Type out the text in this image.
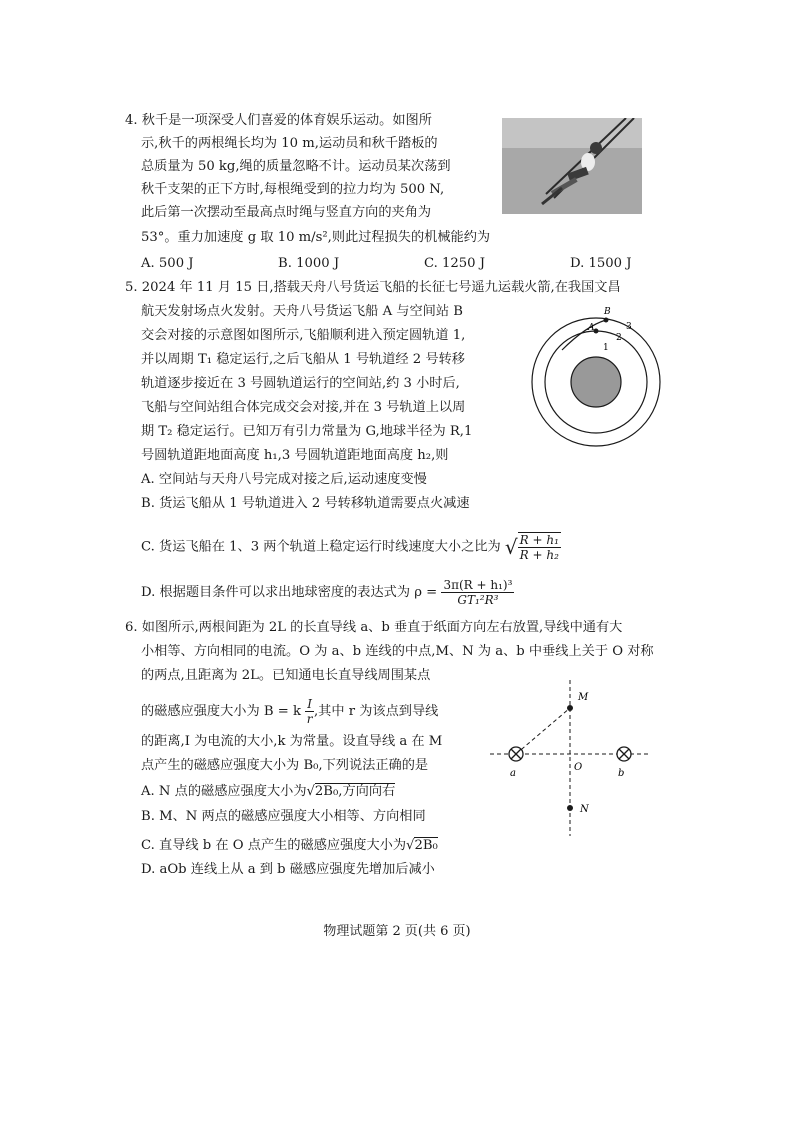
4. 秋千是一项深受人们喜爱的体育娱乐运动。如图所
示,秋千的两根绳长均为 10 m,运动员和秋千踏板的
总质量为 50 kg,绳的质量忽略不计。运动员某次荡到
秋千支架的正下方时,每根绳受到的拉力均为 500 N,
此后第一次摆动至最高点时绳与竖直方向的夹角为
53°。重力加速度 g 取 10 m/s²,则此过程损失的机械能约为
A. 500 J	B. 1000 J	C. 1250 J	D. 1500 J
5. 2024 年 11 月 15 日,搭载天舟八号货运飞船的长征七号遥九运载火箭,在我国文昌
航天发射场点火发射。天舟八号货运飞船 A 与空间站 B
交会对接的示意图如图所示,飞船顺利进入预定圆轨道 1,
并以周期 T₁ 稳定运行,之后飞船从 1 号轨道经 2 号转移
轨道逐步接近在 3 号圆轨道运行的空间站,约 3 小时后,
飞船与空间站组合体完成交会对接,并在 3 号轨道上以周
期 T₂ 稳定运行。已知万有引力常量为 G,地球半径为 R,1
号圆轨道距地面高度 h₁,3 号圆轨道距地面高度 h₂,则
B
A	3
2
1
A. 空间站与天舟八号完成对接之后,运动速度变慢
B. 货运飞船从 1 号轨道进入 2 号转移轨道需要点火减速
C. 货运飞船在 1、3 两个轨道上稳定运行时线速度大小之比为 √ $\frac{\text{R + h₁}}{\text{R + h₂}}$
D. 根据题目条件可以求出地球密度的表达式为 $\rho = \frac{\text{3π(R + h₁)³}}{\text{GT₁²R³}}$
6. 如图所示,两根间距为 2L 的长直导线 a、b 垂直于纸面方向左右放置,导线中通有大
小相等、方向相同的电流。O 为 a、b 连线的中点,M、N 为 a、b 中垂线上关于 O 对称
的两点,且距离为 2L。已知通电长直导线周围某点
的磁感应强度大小为 B = k $\frac{I}{r}$ ,其中 r 为该点到导线
的距离,I 为电流的大小,k 为常量。设直导线 a 在 M
点产生的磁感应强度大小为 B₀,下列说法正确的是
A. N 点的磁感应强度大小为√2B₀,方向向右
B. M、N 两点的磁感应强度大小相等、方向相同
C. 直导线 b 在 O 点产生的磁感应强度大小为√2B₀
D. aOb 连线上从 a 到 b 磁感应强度先增加后减小
M
a
O
b
N
物理试题第 2 页(共 6 页)
